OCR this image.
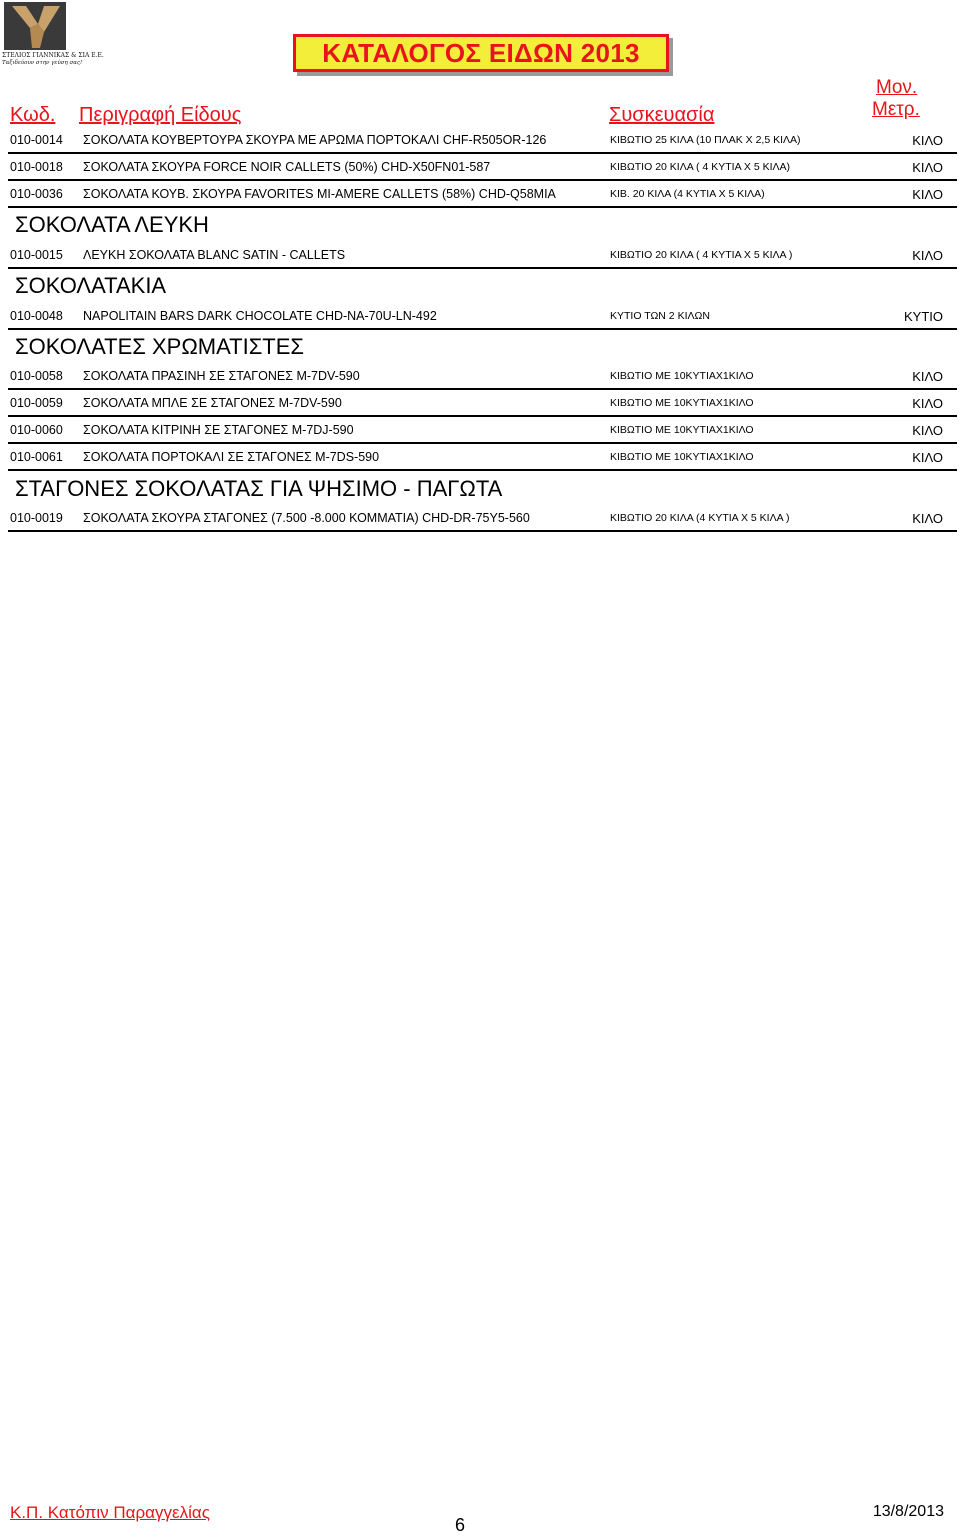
ΣΤΕΛΙΟΣ ΓΙΑΝΝΙΚΑΣ & ΣΙΑ Ε.Ε.
Ταξιδεύουν στην γεύση σας!	ΚΑΤΑΛΟΓΟΣ ΕΙΔΩΝ 2013
Κωδ. Περιγραφή Είδους	Συσκευασία
Μον.
Μετρ.
010-0014 ΣΟΚΟΛΑΤΑ ΚΟΥΒΕΡΤΟΥΡΑ ΣΚΟΥΡΑ ΜΕ ΑΡΩΜΑ ΠΟΡΤΟΚΑΛΙ CHF-R505OR-126	ΚΙΒΩΤΙΟ 25 ΚΙΛΑ (10 ΠΛΑΚ Χ 2,5 ΚΙΛΑ)	ΚΙΛΟ
010-0018 ΣΟΚΟΛΑΤΑ ΣΚΟΥΡΑ FORCE NOIR CALLETS (50%) CHD-X50FN01-587	ΚΙΒΩΤΙΟ 20 ΚΙΛΑ ( 4 ΚΥΤΙΑ Χ 5 ΚΙΛΑ)	ΚΙΛΟ
010-0036 ΣΟΚΟΛΑΤΑ ΚΟΥΒ. ΣΚΟΥΡΑ FAVORITES MI-AMERE CALLETS (58%) CHD-Q58MIA	ΚΙΒ. 20 ΚΙΛΑ (4 ΚΥΤΙΑ Χ 5 ΚΙΛΑ)	ΚΙΛΟ
ΣΟΚΟΛΑΤΑ ΛΕΥΚΗ
010-0015 ΛΕΥΚΗ ΣΟΚΟΛΑΤΑ BLANC SATIN - CALLETS	ΚΙΒΩΤΙΟ 20 ΚΙΛΑ ( 4 ΚΥΤΙΑ Χ 5 ΚΙΛΑ )	ΚΙΛΟ
ΣΟΚΟΛΑΤΑΚΙΑ
010-0048 NAPOLITAIN BARS DARK CHOCOLATE CHD-NA-70U-LN-492	ΚΥΤΙΟ ΤΩΝ 2 ΚΙΛΩΝ	ΚΥΤΙΟ
ΣΟΚΟΛΑΤΕΣ ΧΡΩΜΑΤΙΣΤΕΣ
010-0058 ΣΟΚΟΛΑΤΑ ΠΡΑΣΙΝΗ ΣΕ ΣΤΑΓΟΝΕΣ M-7DV-590	ΚΙΒΩΤΙΟ ΜΕ 10ΚΥΤΙΑΧ1ΚΙΛΟ	ΚΙΛΟ
010-0059 ΣΟΚΟΛΑΤΑ ΜΠΛΕ ΣΕ ΣΤΑΓΟΝΕΣ M-7DV-590	ΚΙΒΩΤΙΟ ΜΕ 10ΚΥΤΙΑΧ1ΚΙΛΟ	ΚΙΛΟ
010-0060 ΣΟΚΟΛΑΤΑ ΚΙΤΡΙΝΗ ΣΕ ΣΤΑΓΟΝΕΣ M-7DJ-590	ΚΙΒΩΤΙΟ ΜΕ 10ΚΥΤΙΑΧ1ΚΙΛΟ	ΚΙΛΟ
010-0061 ΣΟΚΟΛΑΤΑ ΠΟΡΤΟΚΑΛΙ ΣΕ ΣΤΑΓΟΝΕΣ M-7DS-590	ΚΙΒΩΤΙΟ ΜΕ 10ΚΥΤΙΑΧ1ΚΙΛΟ	ΚΙΛΟ
ΣΤΑΓΟΝΕΣ ΣΟΚΟΛΑΤΑΣ ΓΙΑ ΨΗΣΙΜΟ - ΠΑΓΩΤΑ
010-0019 ΣΟΚΟΛΑΤΑ ΣΚΟΥΡΑ ΣΤΑΓΟΝΕΣ (7.500 -8.000 ΚΟΜΜΑΤΙΑ) CHD-DR-75Y5-560	ΚΙΒΩΤΙΟ 20 ΚΙΛΑ (4 ΚΥΤΙΑ Χ 5 ΚΙΛΑ )	ΚΙΛΟ
Κ.Π. Κατόπιν Παραγγελίας
6
13/8/2013
